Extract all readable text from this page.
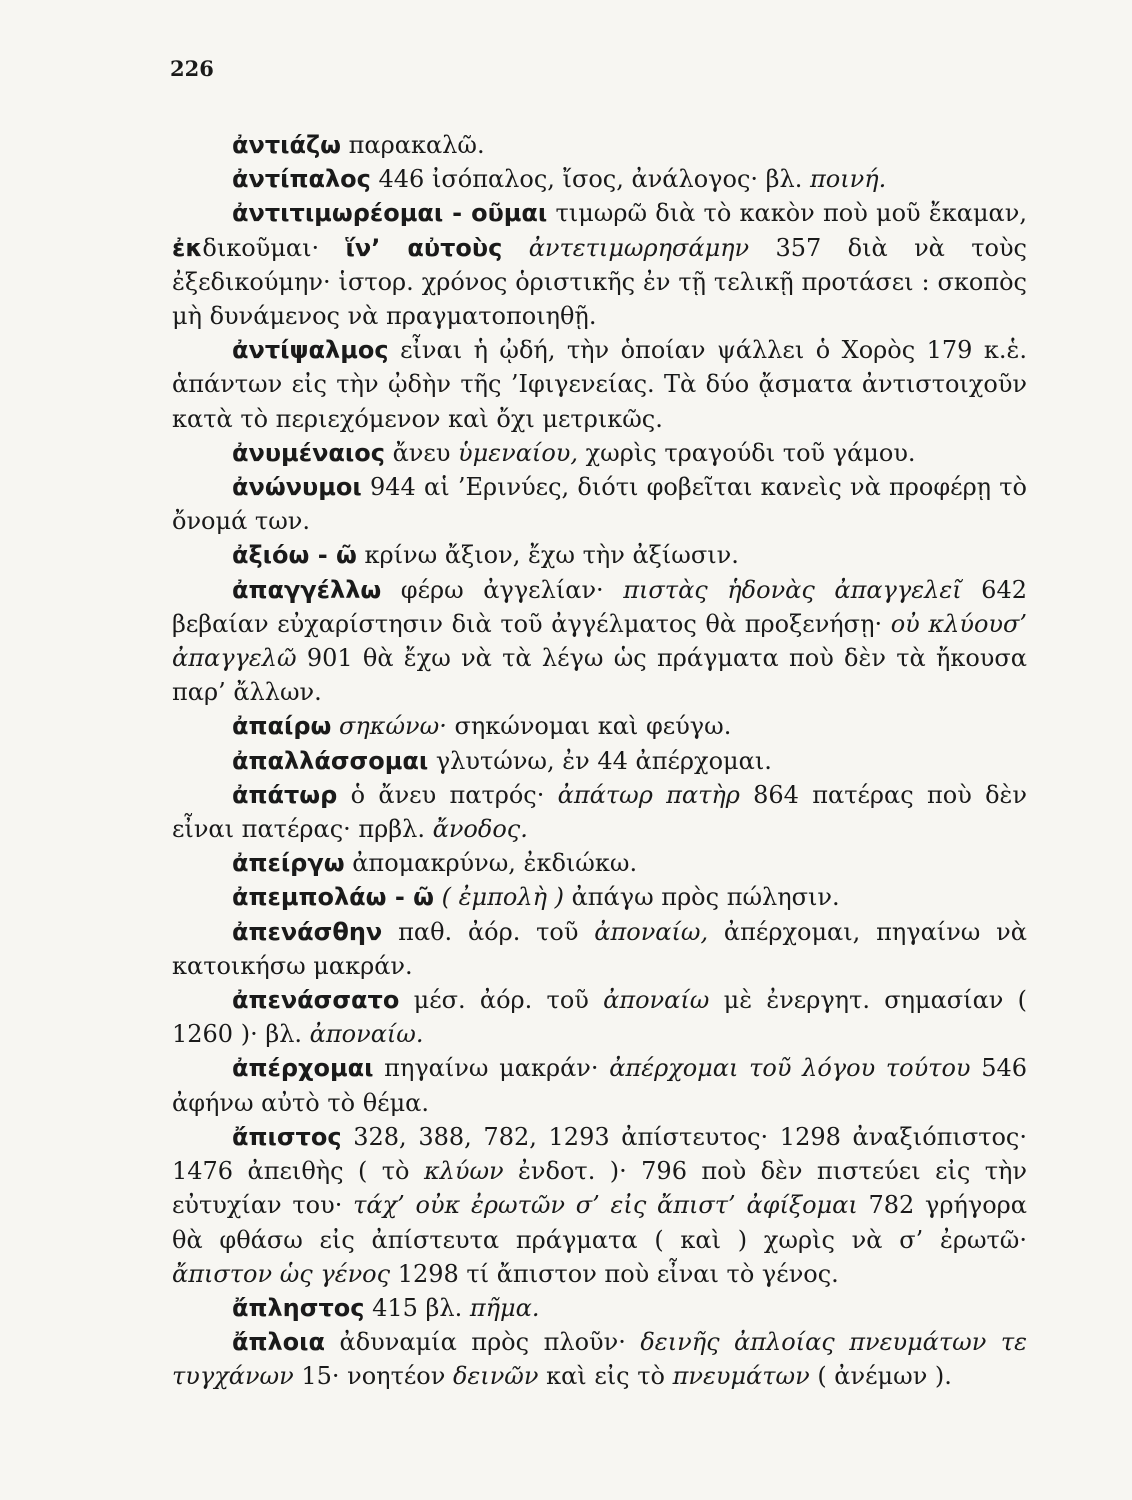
226

ἀντιάζω παρακαλῶ.

ἀντίπαλος 446 ἰσόπαλος, ἴσος, ἀνάλογος· βλ. ποινή.

ἀντιτιμωρέομαι - οῦμαι τιμωρῶ διὰ τὸ κακὸν ποὺ μοῦ ἔκαμαν, ἐκδικοῦμαι· ἵν’ αὐτοὺς ἀντετιμωρησάμην 357 διὰ νὰ τοὺς ἐξεδικούμην· ἱστορ. χρόνος ὁριστικῆς ἐν τῇ τελικῇ προτάσει : σκοπὸς μὴ δυνάμενος νὰ πραγματοποιηθῇ.

ἀντίψαλμος εἶναι ἡ ᾠδή, τὴν ὁποίαν ψάλλει ὁ Χορὸς 179 κ.ἑ. ἁπάντων εἰς τὴν ᾠδὴν τῆς ’Ιφιγενείας. Τὰ δύο ᾄσματα ἀντιστοιχοῦν κατὰ τὸ περιεχόμενον καὶ ὄχι μετρικῶς.

ἀνυμέναιος ἄνευ ὑμεναίου, χωρὶς τραγούδι τοῦ γάμου.

ἀνώνυμοι 944 αἱ ’Ερινύες, διότι φοβεῖται κανεὶς νὰ προφέρῃ τὸ ὄνομά των.

ἀξιόω - ῶ κρίνω ἄξιον, ἔχω τὴν ἀξίωσιν.

ἀπαγγέλλω φέρω ἀγγελίαν· πιστὰς ἡδονὰς ἀπαγγελεῖ 642 βεβαίαν εὐχαρίστησιν διὰ τοῦ ἀγγέλματος θὰ προξενήσῃ· οὐ κλύουσ’ ἀπαγγελῶ 901 θὰ ἔχω νὰ τὰ λέγω ὡς πράγματα ποὺ δὲν τὰ ἤκουσα παρ’ ἄλλων.

ἀπαίρω σηκώνω· σηκώνομαι καὶ φεύγω.

ἀπαλλάσσομαι γλυτώνω, ἐν 44 ἀπέρχομαι.

ἀπάτωρ ὁ ἄνευ πατρός· ἀπάτωρ πατὴρ 864 πατέρας ποὺ δὲν εἶναι πατέρας· πρβλ. ἄνοδος.

ἀπείργω ἀπομακρύνω, ἐκδιώκω.

ἀπεμπολάω - ῶ ( ἐμπολὴ ) ἀπάγω πρὸς πώλησιν.

ἀπενάσθην παθ. ἀόρ. τοῦ ἀποναίω, ἀπέρχομαι, πηγαίνω νὰ κατοικήσω μακράν.

ἀπενάσσατο μέσ. ἀόρ. τοῦ ἀποναίω μὲ ἐνεργητ. σημασίαν ( 1260 )· βλ. ἀποναίω.

ἀπέρχομαι πηγαίνω μακράν· ἀπέρχομαι τοῦ λόγου τούτου 546 ἀφήνω αὐτὸ τὸ θέμα.

ἄπιστος 328, 388, 782, 1293 ἀπίστευτος· 1298 ἀναξιόπιστος· 1476 ἀπειθὴς ( τὸ κλύων ἐνδοτ. )· 796 ποὺ δὲν πιστεύει εἰς τὴν εὐτυχίαν του· τάχ’ οὐκ ἐρωτῶν σ’ εἰς ἄπιστ’ ἀφίξομαι 782 γρήγορα θὰ φθάσω εἰς ἀπίστευτα πράγματα ( καὶ ) χωρὶς νὰ σ’ ἐρωτῶ· ἄπιστον ὡς γένος 1298 τί ἄπιστον ποὺ εἶναι τὸ γένος.

ἄπληστος 415 βλ. πῆμα.

ἄπλοια ἀδυναμία πρὸς πλοῦν· δεινῆς ἀπλοίας πνευμάτων τε τυγχάνων 15· νοητέον δεινῶν καὶ εἰς τὸ πνευμάτων ( ἀνέμων ).
